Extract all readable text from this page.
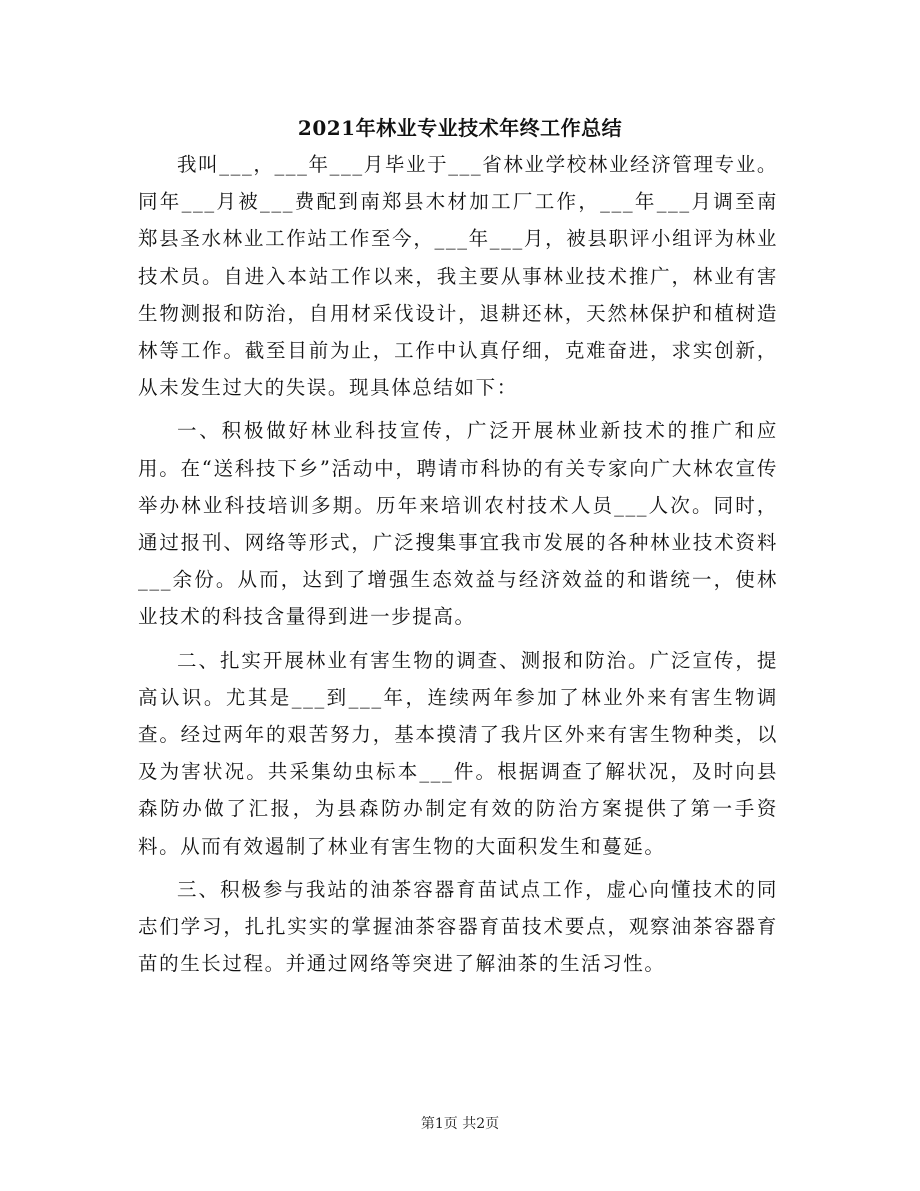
2021年林业专业技术年终工作总结

我叫___，___年___月毕业于___省林业学校林业经济管理专业。同年___月被___费配到南郑县木材加工厂工作，___年___月调至南郑县圣水林业工作站工作至今，___年___月，被县职评小组评为林业技术员。自进入本站工作以来，我主要从事林业技术推广，林业有害生物测报和防治，自用材采伐设计，退耕还林，天然林保护和植树造林等工作。截至目前为止，工作中认真仔细，克难奋进，求实创新，从未发生过大的失误。现具体总结如下：

一、积极做好林业科技宣传，广泛开展林业新技术的推广和应用。在“送科技下乡”活动中，聘请市科协的有关专家向广大林农宣传举办林业科技培训多期。历年来培训农村技术人员___人次。同时，通过报刊、网络等形式，广泛搜集事宜我市发展的各种林业技术资料___余份。从而，达到了增强生态效益与经济效益的和谐统一，使林业技术的科技含量得到进一步提高。

二、扎实开展林业有害生物的调查、测报和防治。广泛宣传，提高认识。尤其是___到___年，连续两年参加了林业外来有害生物调查。经过两年的艰苦努力，基本摸清了我片区外来有害生物种类，以及为害状况。共采集幼虫标本___件。根据调查了解状况，及时向县森防办做了汇报，为县森防办制定有效的防治方案提供了第一手资料。从而有效遏制了林业有害生物的大面积发生和蔓延。

三、积极参与我站的油茶容器育苗试点工作，虚心向懂技术的同志们学习，扎扎实实的掌握油茶容器育苗技术要点，观察油茶容器育苗的生长过程。并通过网络等突进了解油茶的生活习性。

第1页 共2页
